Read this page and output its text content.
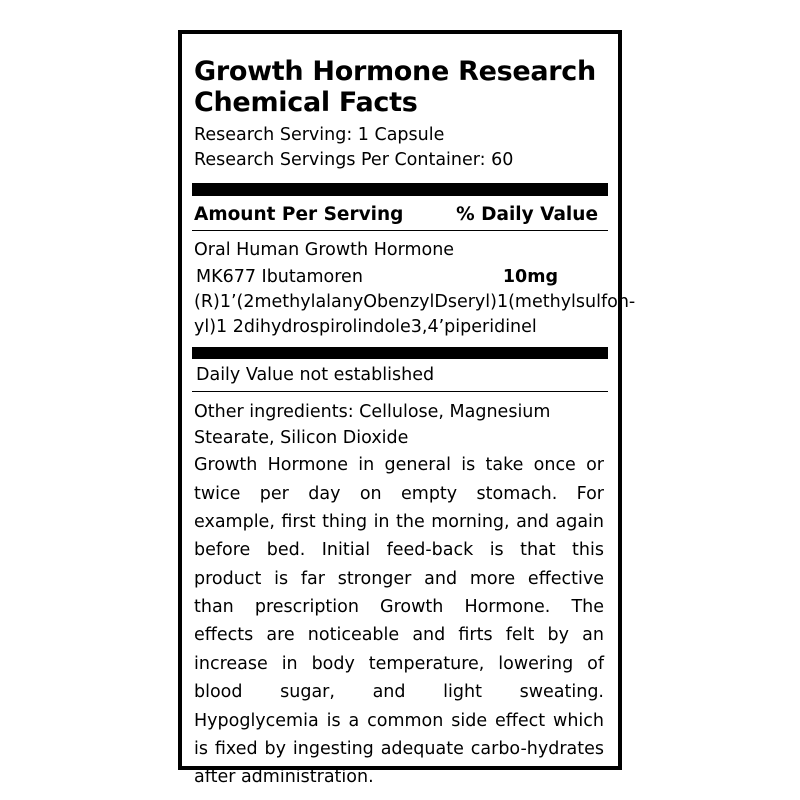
Growth Hormone Research Chemical Facts
Research Serving: 1 Capsule
Research Servings Per Container: 60
Amount Per Serving	% Daily Value
Oral Human Growth Hormone
MK677 Ibutamoren	10mg
(R)1’(2methylalanyObenzylDseryl)1(methylsulfon-
yl)1 2dihydrospirolindole3,4’piperidinel
Daily Value not established
Other ingredients: Cellulose, Magnesium Stearate, Silicon Dioxide
Growth Hormone in general is take once or twice per day on empty stomach. For example, first thing in the morning, and again before bed. Initial feed-back is that this product is far stronger and more effective than prescription Growth Hormone. The effects are noticeable and firts felt by an increase in body temperature, lowering of blood sugar, and light sweating. Hypoglycemia is a common side effect which is fixed by ingesting adequate carbo-hydrates after administration.
